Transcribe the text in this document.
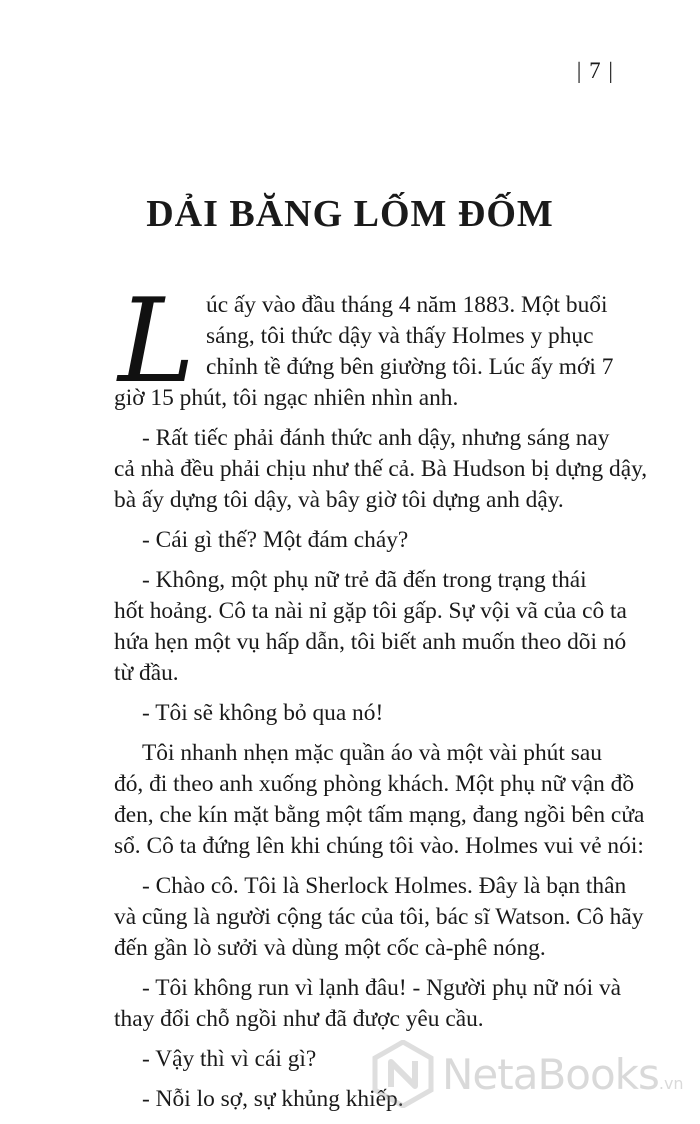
| 7 |
DẢI BĂNG LỐM ĐỐM
L úc ấy vào đầu tháng 4 năm 1883. Một buổi
sáng, tôi thức dậy và thấy Holmes y phục
chỉnh tề đứng bên giường tôi. Lúc ấy mới 7

giờ 15 phút, tôi ngạc nhiên nhìn anh.

- Rất tiếc phải đánh thức anh dậy, nhưng sáng nay
cả nhà đều phải chịu như thế cả. Bà Hudson bị dựng dậy,
bà ấy dựng tôi dậy, và bây giờ tôi dựng anh dậy.

- Cái gì thế? Một đám cháy?

- Không, một phụ nữ trẻ đã đến trong trạng thái
hốt hoảng. Cô ta nài nỉ gặp tôi gấp. Sự vội vã của cô ta
hứa hẹn một vụ hấp dẫn, tôi biết anh muốn theo dõi nó
từ đầu.

- Tôi sẽ không bỏ qua nó!

Tôi nhanh nhẹn mặc quần áo và một vài phút sau
đó, đi theo anh xuống phòng khách. Một phụ nữ vận đồ
đen, che kín mặt bằng một tấm mạng, đang ngồi bên cửa
sổ. Cô ta đứng lên khi chúng tôi vào. Holmes vui vẻ nói:

- Chào cô. Tôi là Sherlock Holmes. Đây là bạn thân
và cũng là người cộng tác của tôi, bác sĩ Watson. Cô hãy
đến gần lò sưởi và dùng một cốc cà-phê nóng.

- Tôi không run vì lạnh đâu! - Người phụ nữ nói và
thay đổi chỗ ngồi như đã được yêu cầu.

- Vậy thì vì cái gì?

- Nỗi lo sợ, sự khủng khiếp. NetaBooks.vn
